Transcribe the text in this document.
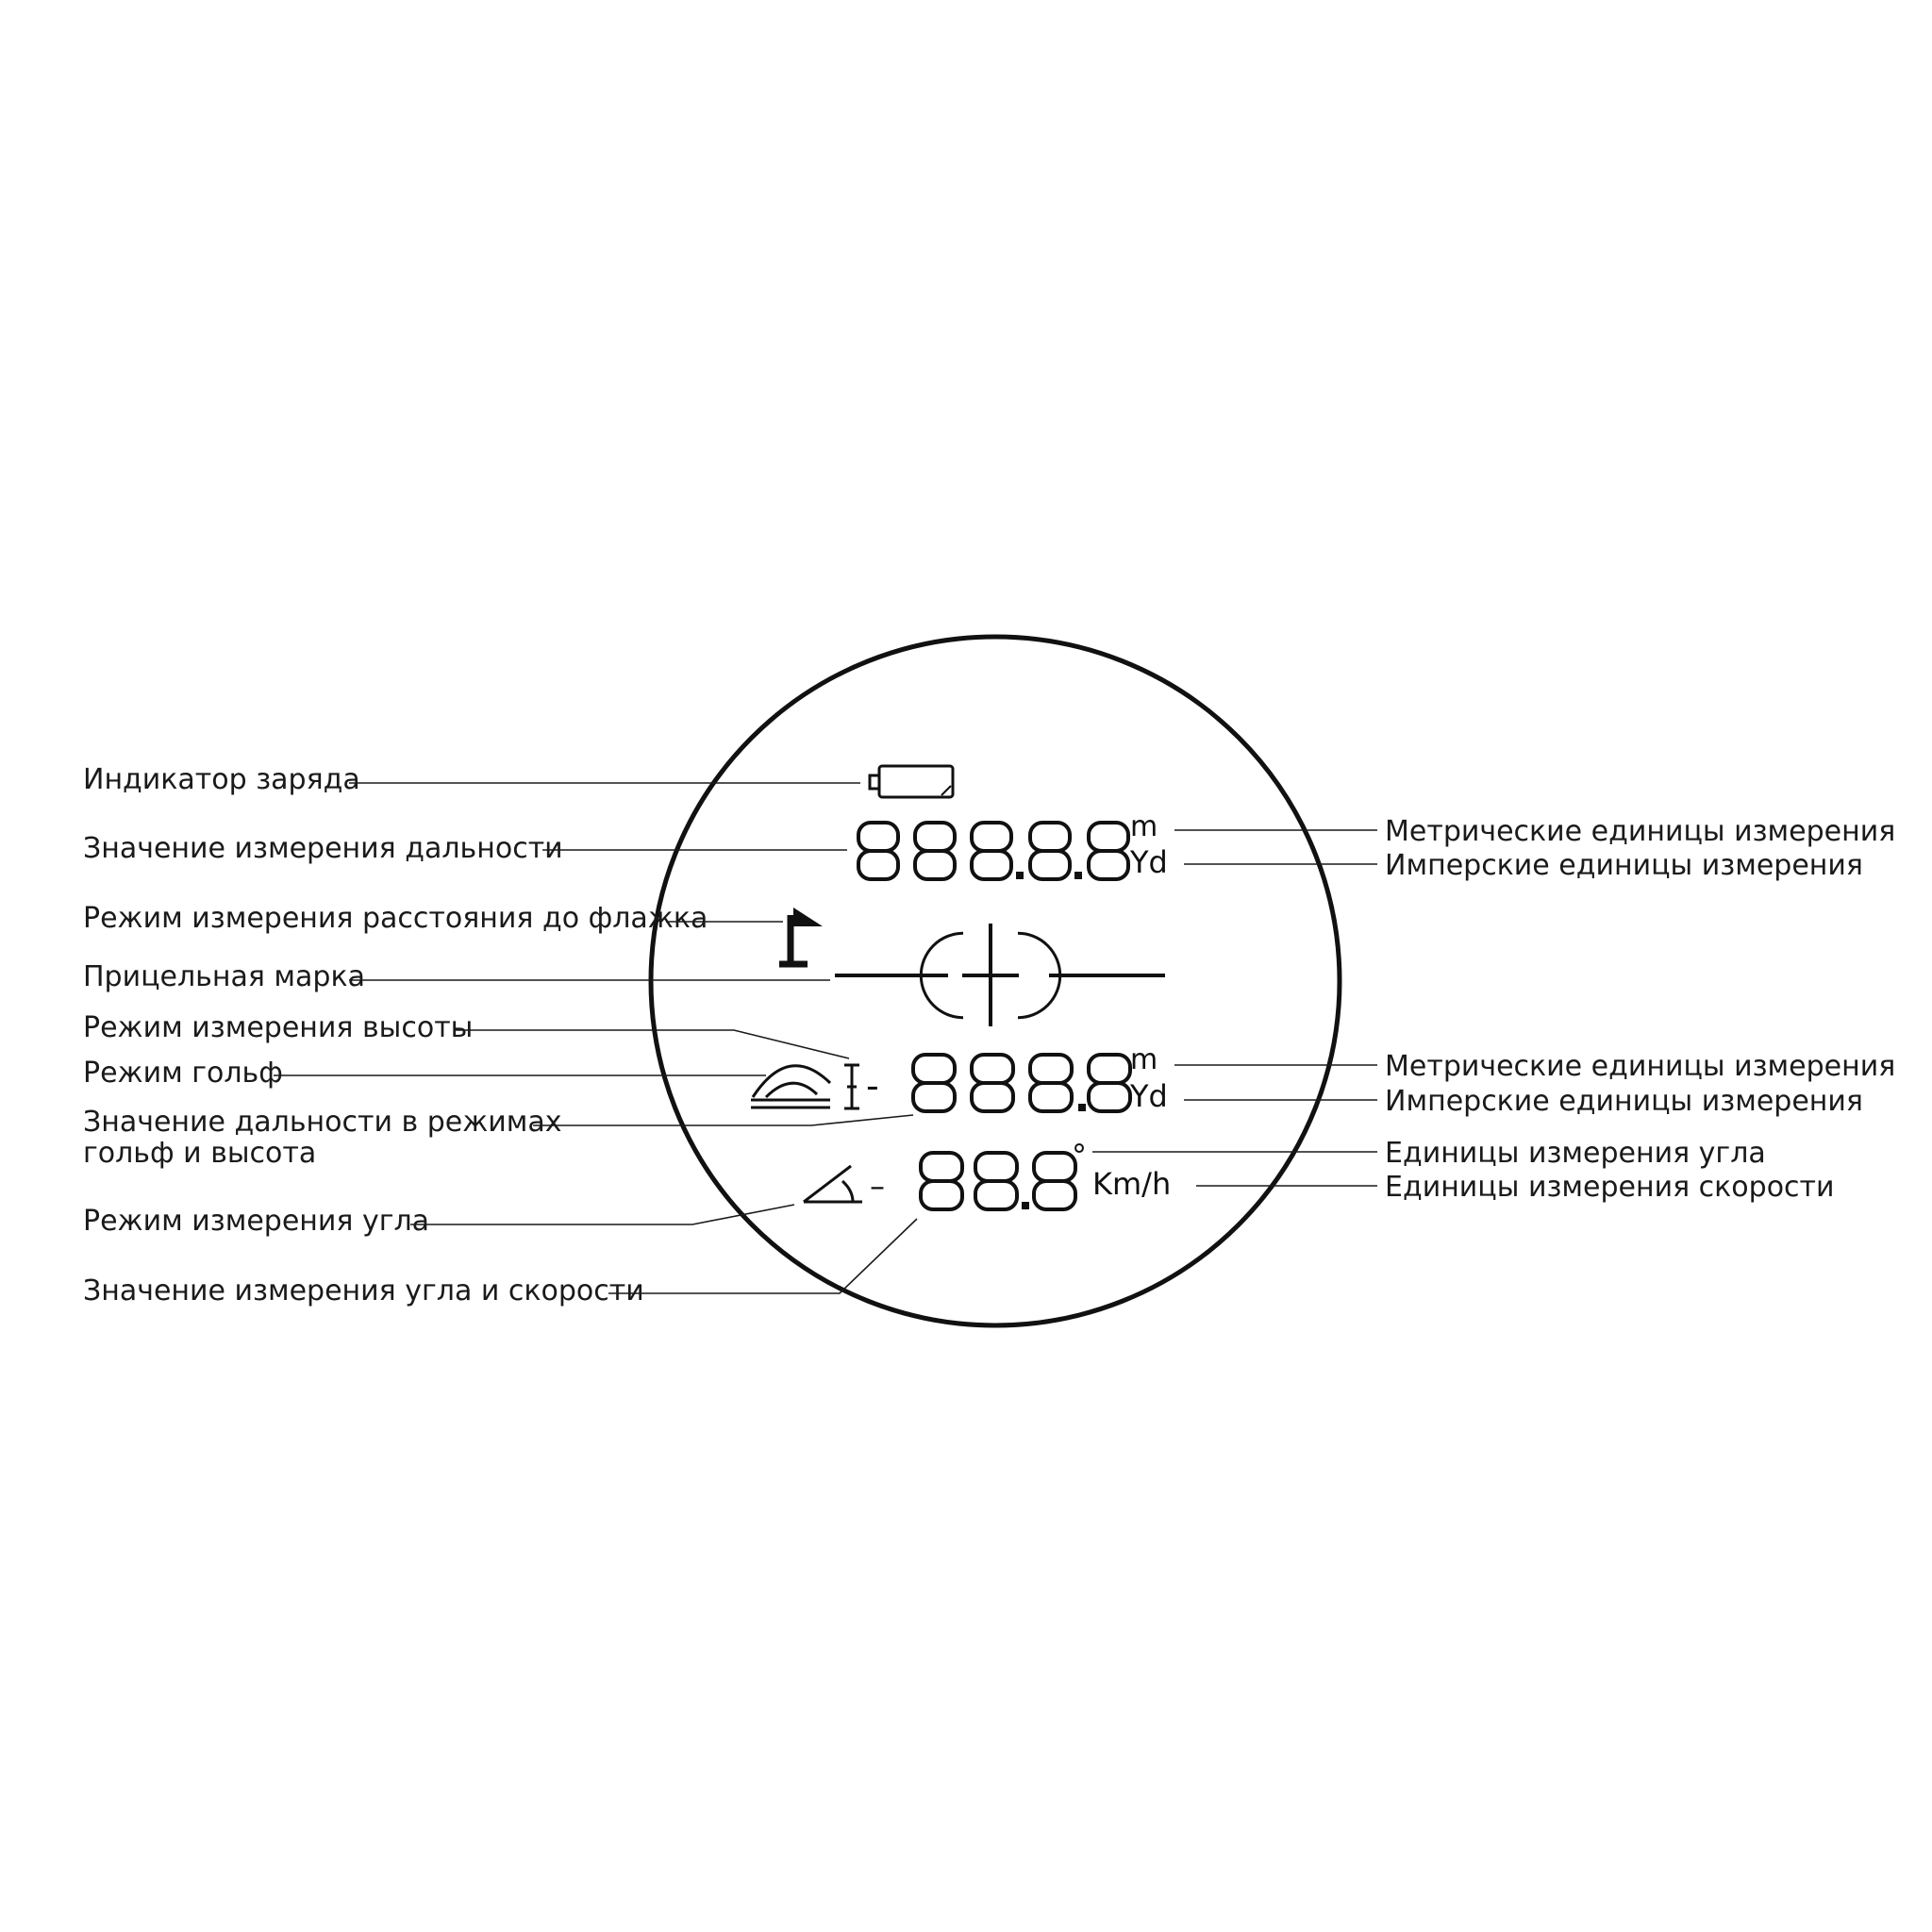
Индикатор заряда
Значение измерения дальности
Режим измерения расстояния до флажка
Прицельная марка
Режим измерения высоты
Режим гольф
Значение дальности в режимах
гольф и высота
Режим измерения угла
Значение измерения угла и скорости
Метрические единицы измерения
Имперские единицы измерения
Метрические единицы измерения
Имперские единицы измерения
Единицы измерения угла
Единицы измерения скорости
m
Yd
-
m
Yd
–
°
Km/h
